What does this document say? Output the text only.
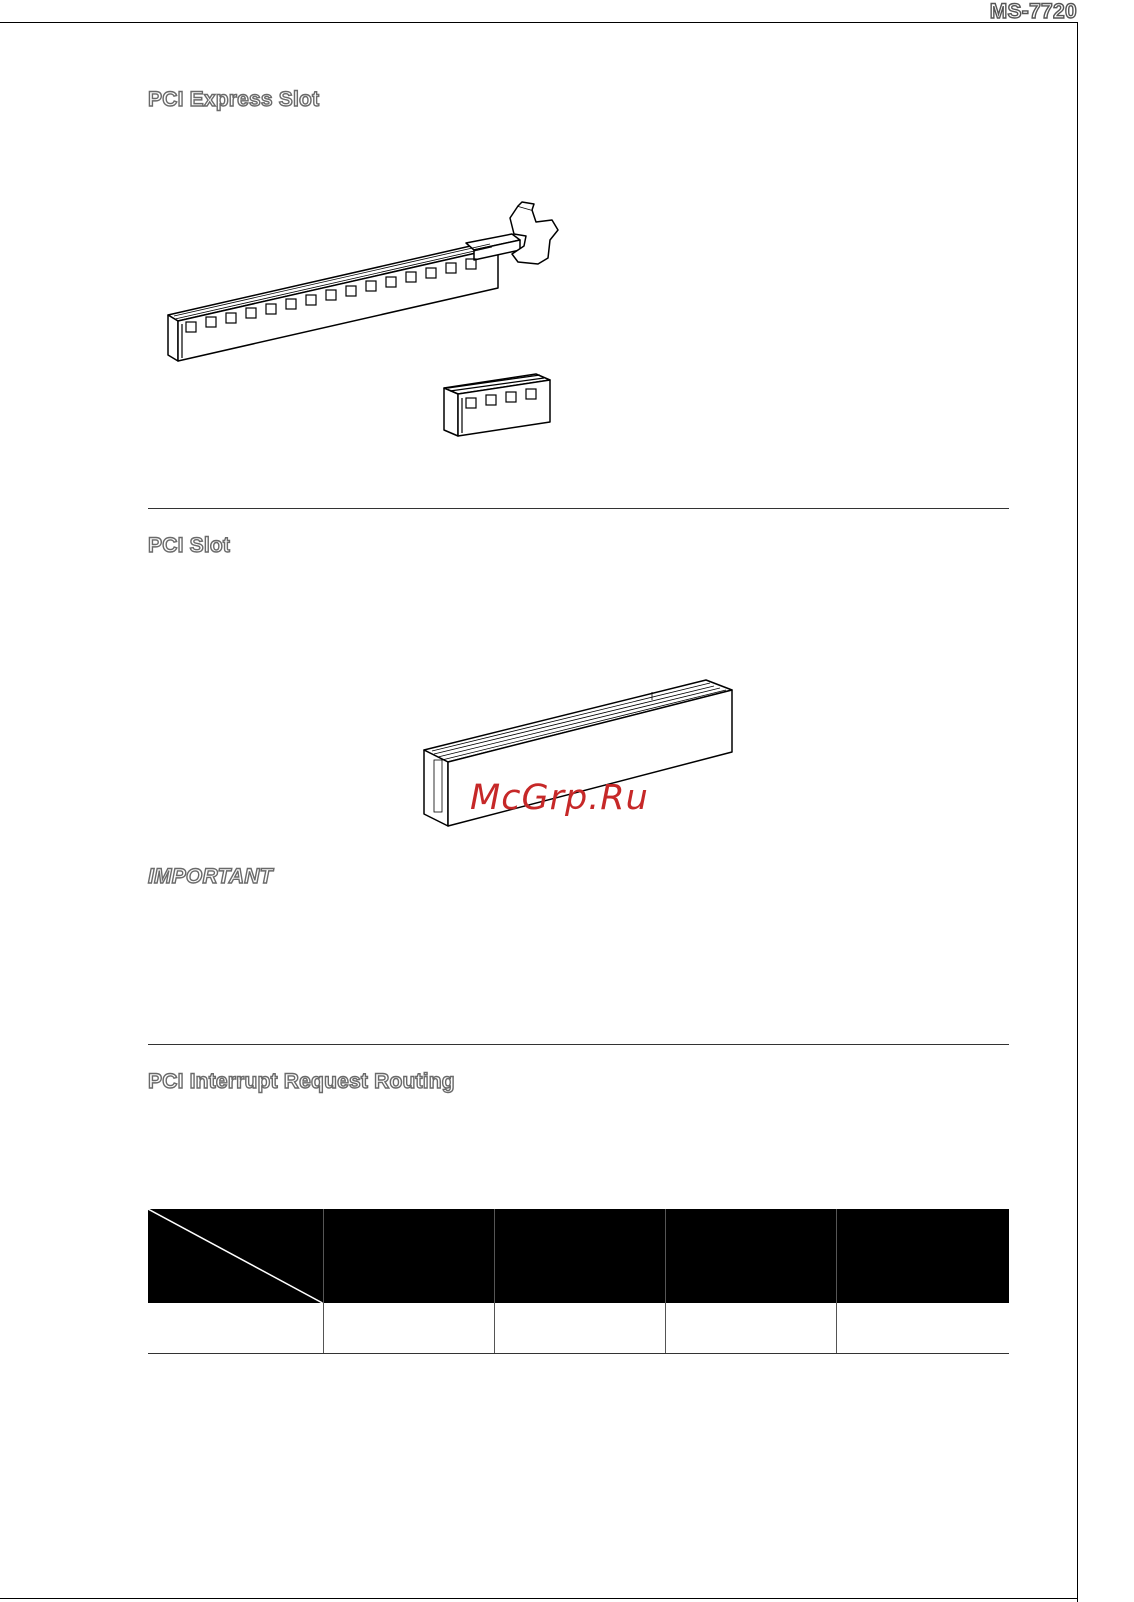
MS-7720
PCI Express Slot
PCI Slot
McGrp.Ru
IMPORTANT
PCI Interrupt Request Routing
